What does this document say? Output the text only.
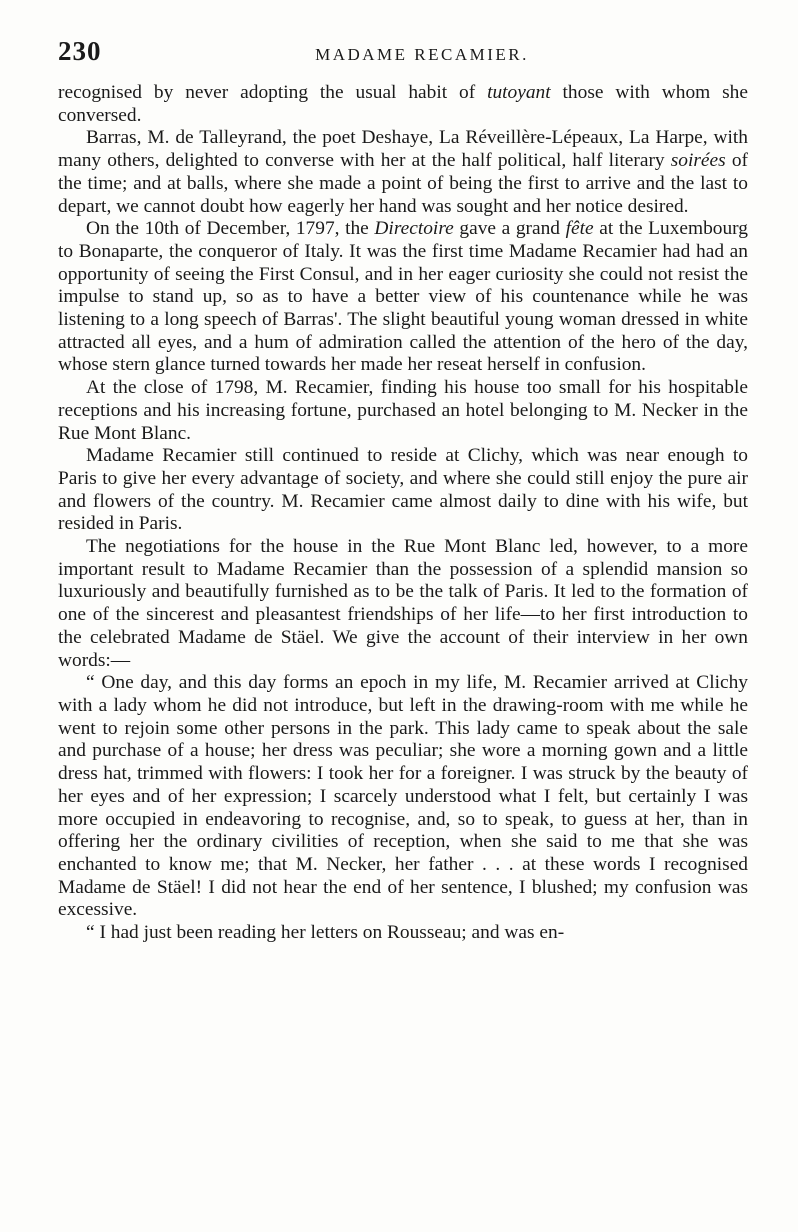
230	MADAME RECAMIER.

recognised by never adopting the usual habit of tutoyant those with whom she conversed.

Barras, M. de Talleyrand, the poet Deshaye, La Réveillère-Lépeaux, La Harpe, with many others, delighted to converse with her at the half political, half literary soirées of the time; and at balls, where she made a point of being the first to arrive and the last to depart, we cannot doubt how eagerly her hand was sought and her notice desired.

On the 10th of December, 1797, the Directoire gave a grand fête at the Luxembourg to Bonaparte, the conqueror of Italy. It was the first time Madame Recamier had had an opportunity of seeing the First Consul, and in her eager curiosity she could not resist the impulse to stand up, so as to have a better view of his countenance while he was listening to a long speech of Barras'. The slight beautiful young woman dressed in white attracted all eyes, and a hum of admiration called the attention of the hero of the day, whose stern glance turned towards her made her reseat herself in confusion.

At the close of 1798, M. Recamier, finding his house too small for his hospitable receptions and his increasing fortune, purchased an hotel belonging to M. Necker in the Rue Mont Blanc.

Madame Recamier still continued to reside at Clichy, which was near enough to Paris to give her every advantage of society, and where she could still enjoy the pure air and flowers of the country. M. Recamier came almost daily to dine with his wife, but resided in Paris.

The negotiations for the house in the Rue Mont Blanc led, however, to a more important result to Madame Recamier than the possession of a splendid mansion so luxuriously and beautifully furnished as to be the talk of Paris. It led to the formation of one of the sincerest and pleasantest friendships of her life—to her first introduction to the celebrated Madame de Stäel. We give the account of their interview in her own words:—

“ One day, and this day forms an epoch in my life, M. Recamier arrived at Clichy with a lady whom he did not introduce, but left in the drawing-room with me while he went to rejoin some other persons in the park. This lady came to speak about the sale and purchase of a house; her dress was peculiar; she wore a morning gown and a little dress hat, trimmed with flowers: I took her for a foreigner. I was struck by the beauty of her eyes and of her expression; I scarcely understood what I felt, but certainly I was more occupied in endeavoring to recognise, and, so to speak, to guess at her, than in offering her the ordinary civilities of reception, when she said to me that she was enchanted to know me; that M. Necker, her father . . . at these words I recognised Madame de Stäel! I did not hear the end of her sentence, I blushed; my confusion was excessive.

“ I had just been reading her letters on Rousseau; and was en-
